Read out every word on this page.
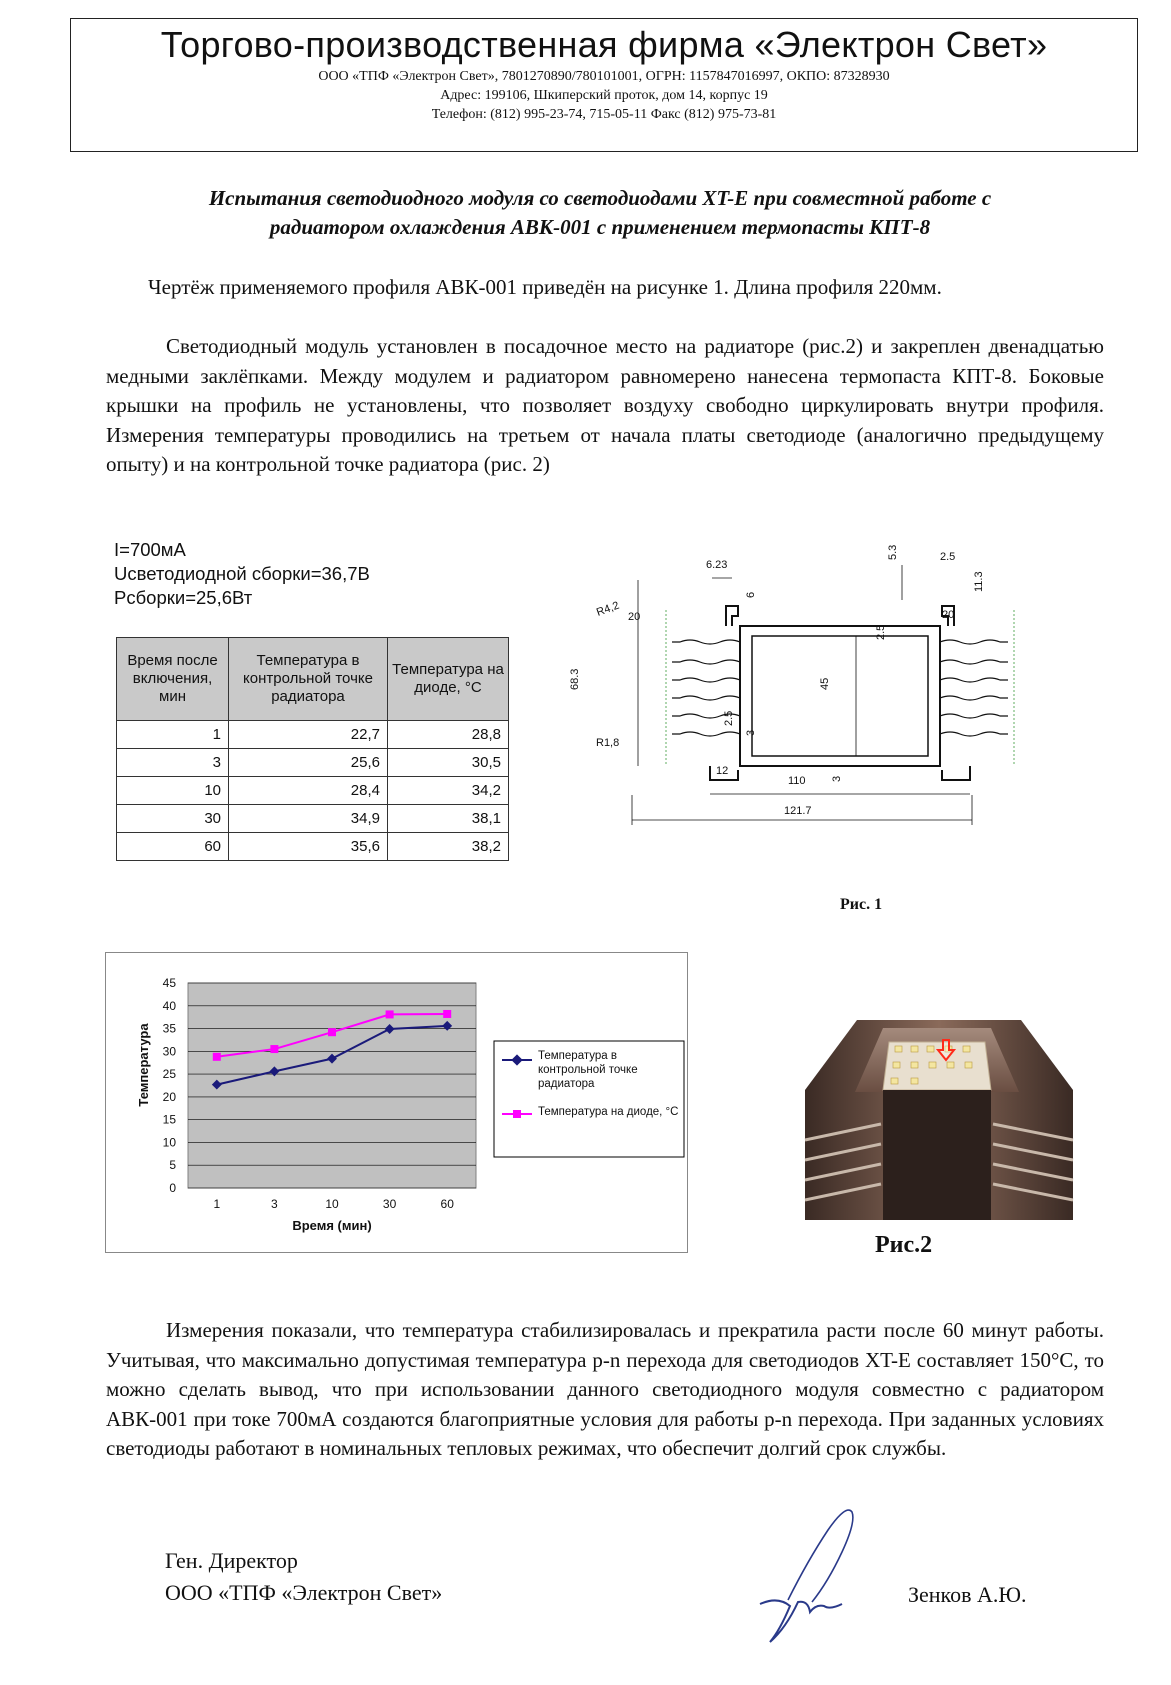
Торгово-производственная фирма «Электрон Свет»
ООО «ТПФ «Электрон Свет», 7801270890/780101001, ОГРН: 1157847016997, ОКПО: 87328930
Адрес: 199106, Шкиперский проток, дом 14, корпус 19
Телефон: (812) 995-23-74, 715-05-11 Факс (812) 975-73-81
Испытания светодиодного модуля со светодиодами XT-E при совместной работе с
радиатором охлаждения АВК-001 с применением термопасты КПТ-8

Чертёж применяемого профиля АВК-001 приведён на рисунке 1. Длина профиля 220мм.

Светодиодный модуль установлен в посадочное место на радиаторе (рис.2) и закреплен двенадцатью медными заклёпками. Между модулем и радиатором равномерено нанесена термопаста КПТ-8. Боковые крышки на профиль не установлены, что позволяет воздуху свободно циркулировать внутри профиля. Измерения температуры проводились на третьем от начала платы светодиоде (аналогично предыдущему опыту) и на контрольной точке радиатора (рис. 2)

I=700мА
Uсветодиодной сборки=36,7В
Pсборки=25,6Вт
Время после включения, мин	Температура в контрольной точке радиатора	Температура на диоде, °C
1	22,7	28,8
3	25,6	30,5
10	28,4	34,2
30	34,9	38,1
60	35,6	38,2
6.23
5.3	2.5
11.3
6
R4,2 20	20
2.5
68.3	45
2.5
3
R1,8
12
110 3
121.7
Рис. 1
0
5
10
15
20
25
30
35
40
45
1	3	10	30	60
Температура
Время (мин)
Температура в контрольной точке радиатора
Температура на диоде, °C
Рис.2

Измерения показали, что температура стабилизировалась и прекратила расти после 60 минут работы. Учитывая, что максимально допустимая температура p-n перехода для светодиодов XT-E составляет 150°С, то можно сделать вывод, что при использовании данного светодиодного модуля совместно с радиатором АВК-001 при токе 700мА создаются благоприятные условия для работы p-n перехода. При заданных условиях светодиоды работают в номинальных тепловых режимах, что обеспечит долгий срок службы.

Ген. Директор
ООО «ТПФ «Электрон Свет»	Зенков А.Ю.
